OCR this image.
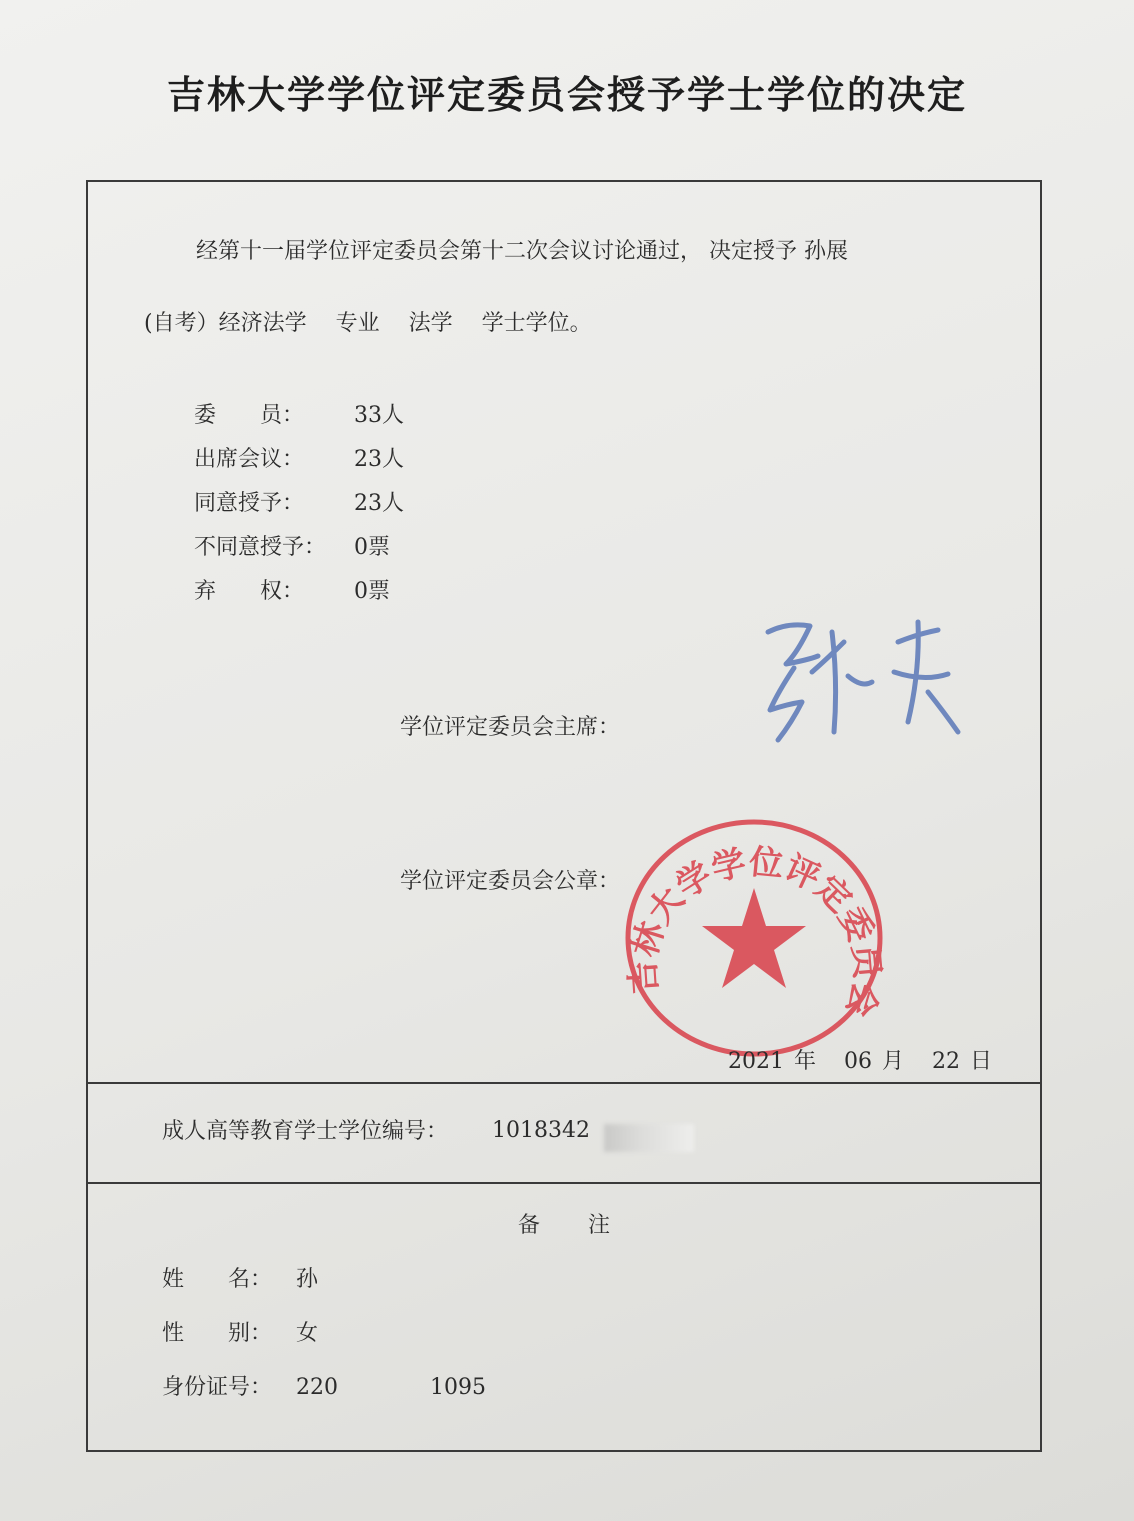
吉林大学学位评定委员会授予学士学位的决定
经第十一届学位评定委员会第十二次会议讨论通过， 决定授予 孙展
(自考）经济法学 专业 法学 学士学位。
委　　员： 33人
出席会议： 23人
同意授予： 23人
不同意授予： 0票
弃　　权： 0票
学位评定委员会主席：
学位评定委员会公章：
吉林大学学位评定委员会
2021 年 06 月 22 日
成人高等教育学士学位编号： 1018342
备注
姓　　名： 孙
性　　别： 女
身份证号： 220	1095
